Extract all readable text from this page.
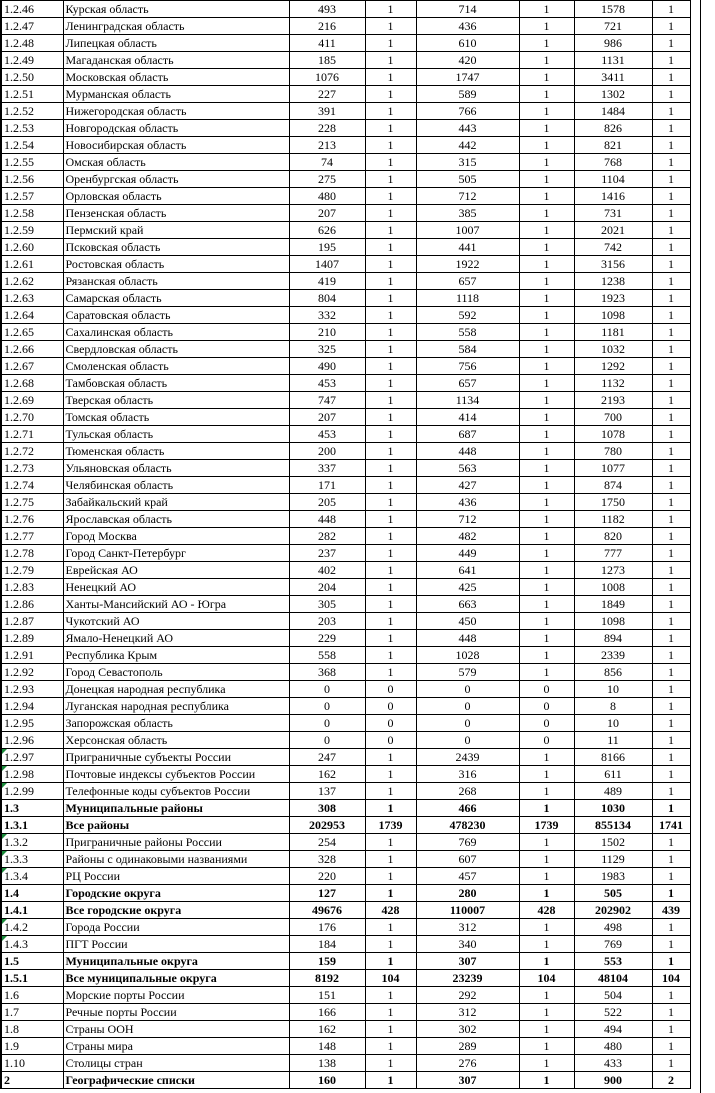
1.2.46	Курская область	493	1	714	1	1578	1
1.2.47	Ленинградская область	216	1	436	1	721	1
1.2.48	Липецкая область	411	1	610	1	986	1
1.2.49	Магаданская область	185	1	420	1	1131	1
1.2.50	Московская область	1076	1	1747	1	3411	1
1.2.51	Мурманская область	227	1	589	1	1302	1
1.2.52	Нижегородская область	391	1	766	1	1484	1
1.2.53	Новгородская область	228	1	443	1	826	1
1.2.54	Новосибирская область	213	1	442	1	821	1
1.2.55	Омская область	74	1	315	1	768	1
1.2.56	Оренбургская область	275	1	505	1	1104	1
1.2.57	Орловская область	480	1	712	1	1416	1
1.2.58	Пензенская область	207	1	385	1	731	1
1.2.59	Пермский край	626	1	1007	1	2021	1
1.2.60	Псковская область	195	1	441	1	742	1
1.2.61	Ростовская область	1407	1	1922	1	3156	1
1.2.62	Рязанская область	419	1	657	1	1238	1
1.2.63	Самарская область	804	1	1118	1	1923	1
1.2.64	Саратовская область	332	1	592	1	1098	1
1.2.65	Сахалинская область	210	1	558	1	1181	1
1.2.66	Свердловская область	325	1	584	1	1032	1
1.2.67	Смоленская область	490	1	756	1	1292	1
1.2.68	Тамбовская область	453	1	657	1	1132	1
1.2.69	Тверская область	747	1	1134	1	2193	1
1.2.70	Томская область	207	1	414	1	700	1
1.2.71	Тульская область	453	1	687	1	1078	1
1.2.72	Тюменская область	200	1	448	1	780	1
1.2.73	Ульяновская область	337	1	563	1	1077	1
1.2.74	Челябинская область	171	1	427	1	874	1
1.2.75	Забайкальский край	205	1	436	1	1750	1
1.2.76	Ярославская область	448	1	712	1	1182	1
1.2.77	Город Москва	282	1	482	1	820	1
1.2.78	Город Санкт-Петербург	237	1	449	1	777	1
1.2.79	Еврейская АО	402	1	641	1	1273	1
1.2.83	Ненецкий АО	204	1	425	1	1008	1
1.2.86	Ханты-Мансийский АО - Югра	305	1	663	1	1849	1
1.2.87	Чукотский АО	203	1	450	1	1098	1
1.2.89	Ямало-Ненецкий АО	229	1	448	1	894	1
1.2.91	Республика Крым	558	1	1028	1	2339	1
1.2.92	Город Севастополь	368	1	579	1	856	1
1.2.93	Донецкая народная республика	0	0	0	0	10	1
1.2.94	Луганская народная республика	0	0	0	0	8	1
1.2.95	Запорожская область	0	0	0	0	10	1
1.2.96	Херсонская область	0	0	0	0	11	1
1.2.97	Приграничные субъекты России	247	1	2439	1	8166	1
1.2.98	Почтовые индексы субъектов России	162	1	316	1	611	1
1.2.99	Телефонные коды субъектов России	137	1	268	1	489	1
1.3	Муниципальные районы	308	1	466	1	1030	1
1.3.1	Все районы	202953	1739	478230	1739	855134	1741
1.3.2	Приграничные районы России	254	1	769	1	1502	1
1.3.3	Районы с одинаковыми названиями	328	1	607	1	1129	1
1.3.4	РЦ России	220	1	457	1	1983	1
1.4	Городские округа	127	1	280	1	505	1
1.4.1	Все городские округа	49676	428	110007	428	202902	439
1.4.2	Города России	176	1	312	1	498	1
1.4.3	ПГТ России	184	1	340	1	769	1
1.5	Муниципальные округа	159	1	307	1	553	1
1.5.1	Все муниципальные округа	8192	104	23239	104	48104	104
1.6	Морские порты России	151	1	292	1	504	1
1.7	Речные порты России	166	1	312	1	522	1
1.8	Страны ООН	162	1	302	1	494	1
1.9	Страны мира	148	1	289	1	480	1
1.10	Столицы стран	138	1	276	1	433	1
2	Географические списки	160	1	307	1	900	2
